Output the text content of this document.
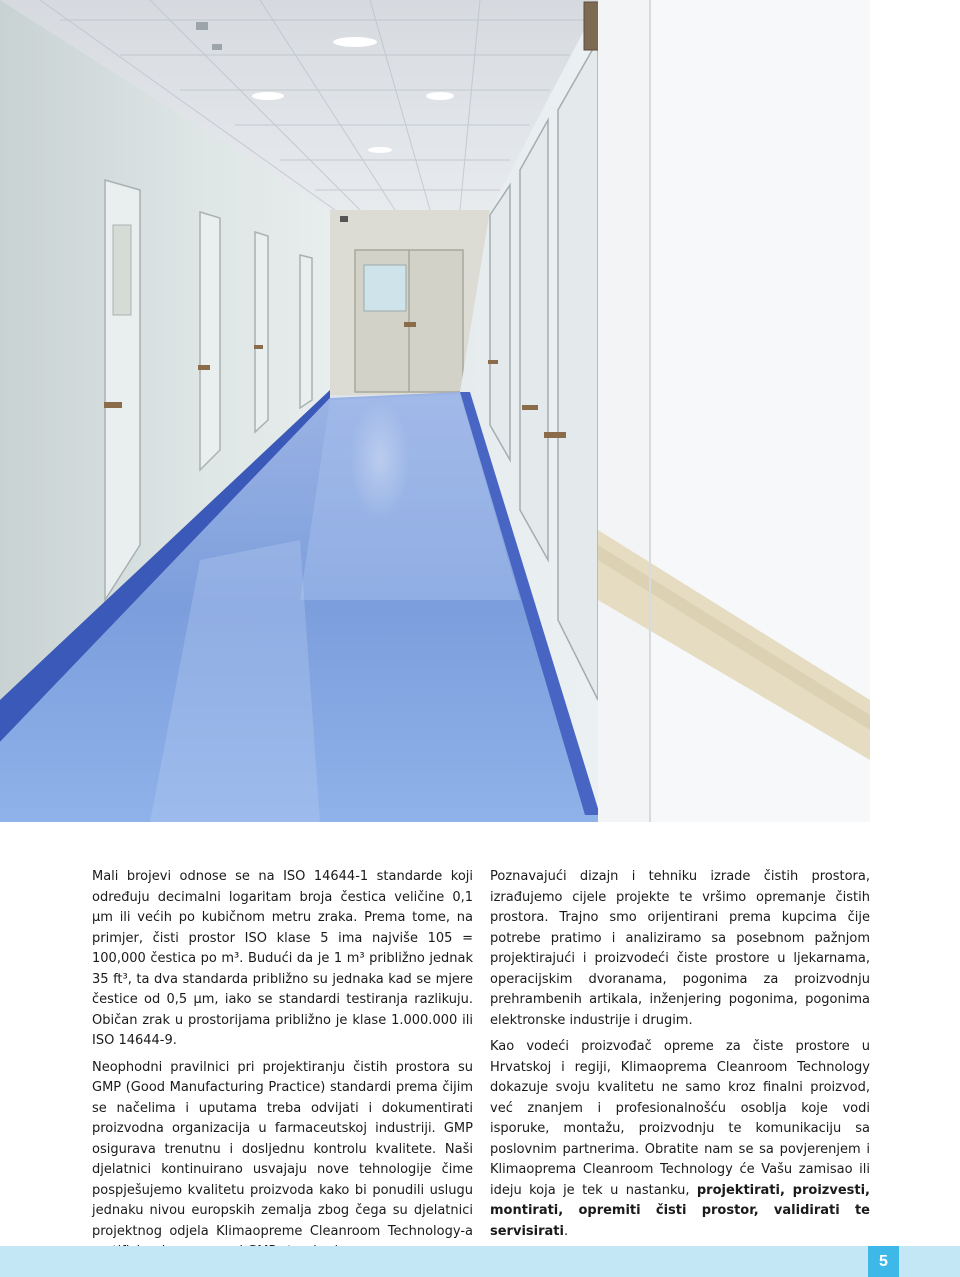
Mali brojevi odnose se na ISO 14644-1 standarde koji određuju decimalni logaritam broja čestica veličine 0,1 μm ili većih po kubičnom metru zraka. Prema tome, na primjer, čisti prostor ISO klase 5 ima najviše 105 = 100,000 čestica po m³. Budući da je 1 m³ približno jednak 35 ft³, ta dva standarda približno su jednaka kad se mjere čestice od 0,5 μm, iako se standardi testiranja razlikuju. Običan zrak u prostorijama približno je klase 1.000.000 ili ISO 14644-9.

Neophodni pravilnici pri projektiranju čistih prostora su GMP (Good Manufacturing Practice) standardi prema čijim se načelima i uputama treba odvijati i dokumentirati proizvodna organizacija u farmaceutskoj industriji. GMP osigurava trenutnu i dosljednu kontrolu kvalitete. Naši djelatnici kontinuirano usvajaju nove tehnologije čime pospješujemo kvalitetu proizvoda kako bi ponudili uslugu jednaku nivou europskih zemalja zbog čega su djelatnici projektnog odjela Klimaopreme Cleanroom Technology-a

Poznavajući dizajn i tehniku izrade čistih prostora, izrađujemo cijele projekte te vršimo opremanje čistih prostora. Trajno smo orijentirani prema kupcima čije potrebe pratimo i analiziramo sa posebnom pažnjom projektirajući i proizvodeći čiste prostore u ljekarnama, operacijskim dvoranama, pogonima za proizvodnju prehrambenih artikala, inženjering pogonima, pogonima elektronske industrije i drugim.

Kao vodeći proizvođač opreme za čiste prostore u Hrvatskoj i regiji, Klimaoprema Cleanroom Technology dokazuje svoju kvalitetu ne samo kroz finalni proizvod, već znanjem i profesionalnošću osoblja koje vodi isporuke, montažu, proizvodnju te komunikaciju sa poslovnim partnerima. Obratite nam se sa povjerenjem i Klimaoprema Cleanroom Technology će Vašu zamisao ili ideju koja je tek u nastanku, projektirati, proizvesti, montirati, opremiti čisti prostor, validirati te servisirati.

5
